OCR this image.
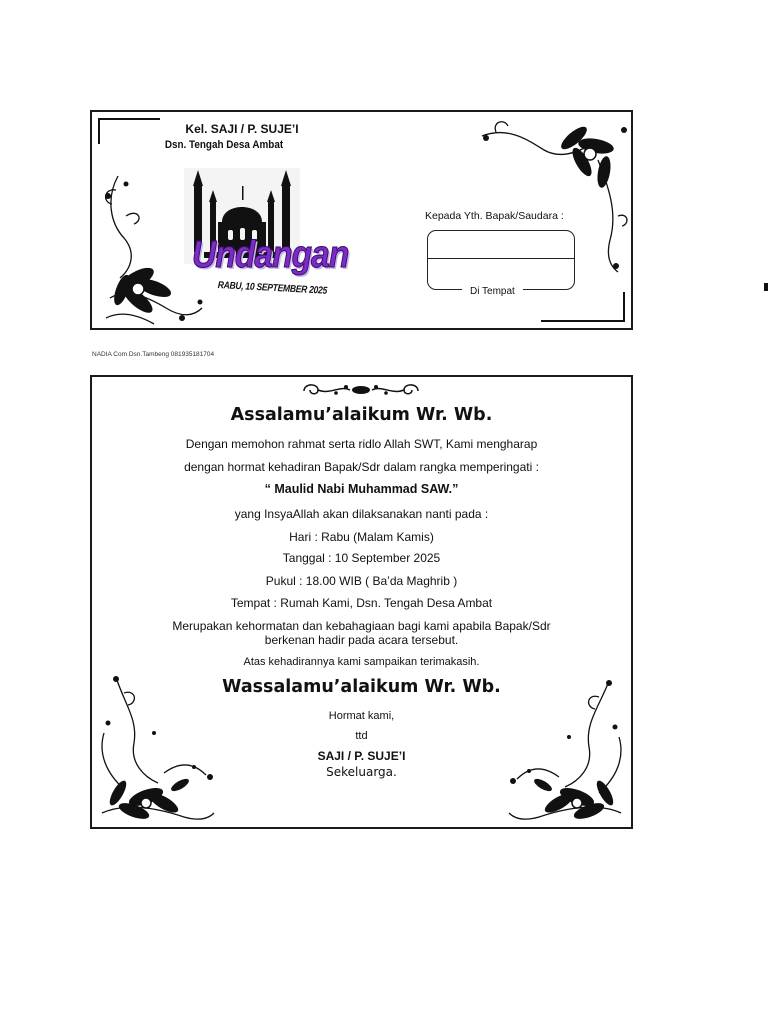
Kel. SAJI / P. SUJE’I
Dsn. Tengah Desa Ambat
Undangan
RABU, 10 SEPTEMBER 2025
Kepada Yth. Bapak/Saudara :
Di Tempat
NADIA Com Dsn.Tambeng 081935181704
Assalamu’alaikum Wr. Wb.
Dengan memohon rahmat serta ridlo Allah SWT, Kami mengharap
dengan hormat kehadiran Bapak/Sdr dalam rangka memperingati :
“ Maulid Nabi Muhammad SAW.”
yang InsyaAllah akan dilaksanakan nanti pada :
Hari : Rabu (Malam Kamis)
Tanggal : 10 September 2025
Pukul : 18.00 WIB ( Ba’da Maghrib )
Tempat : Rumah Kami, Dsn. Tengah Desa Ambat
Merupakan kehormatan dan kebahagiaan bagi kami apabila Bapak/Sdr
berkenan hadir pada acara tersebut.
Atas kehadirannya kami sampaikan terimakasih.
Wassalamu’alaikum Wr. Wb.
Hormat kami,
ttd
SAJI / P. SUJE’I
Sekeluarga.
